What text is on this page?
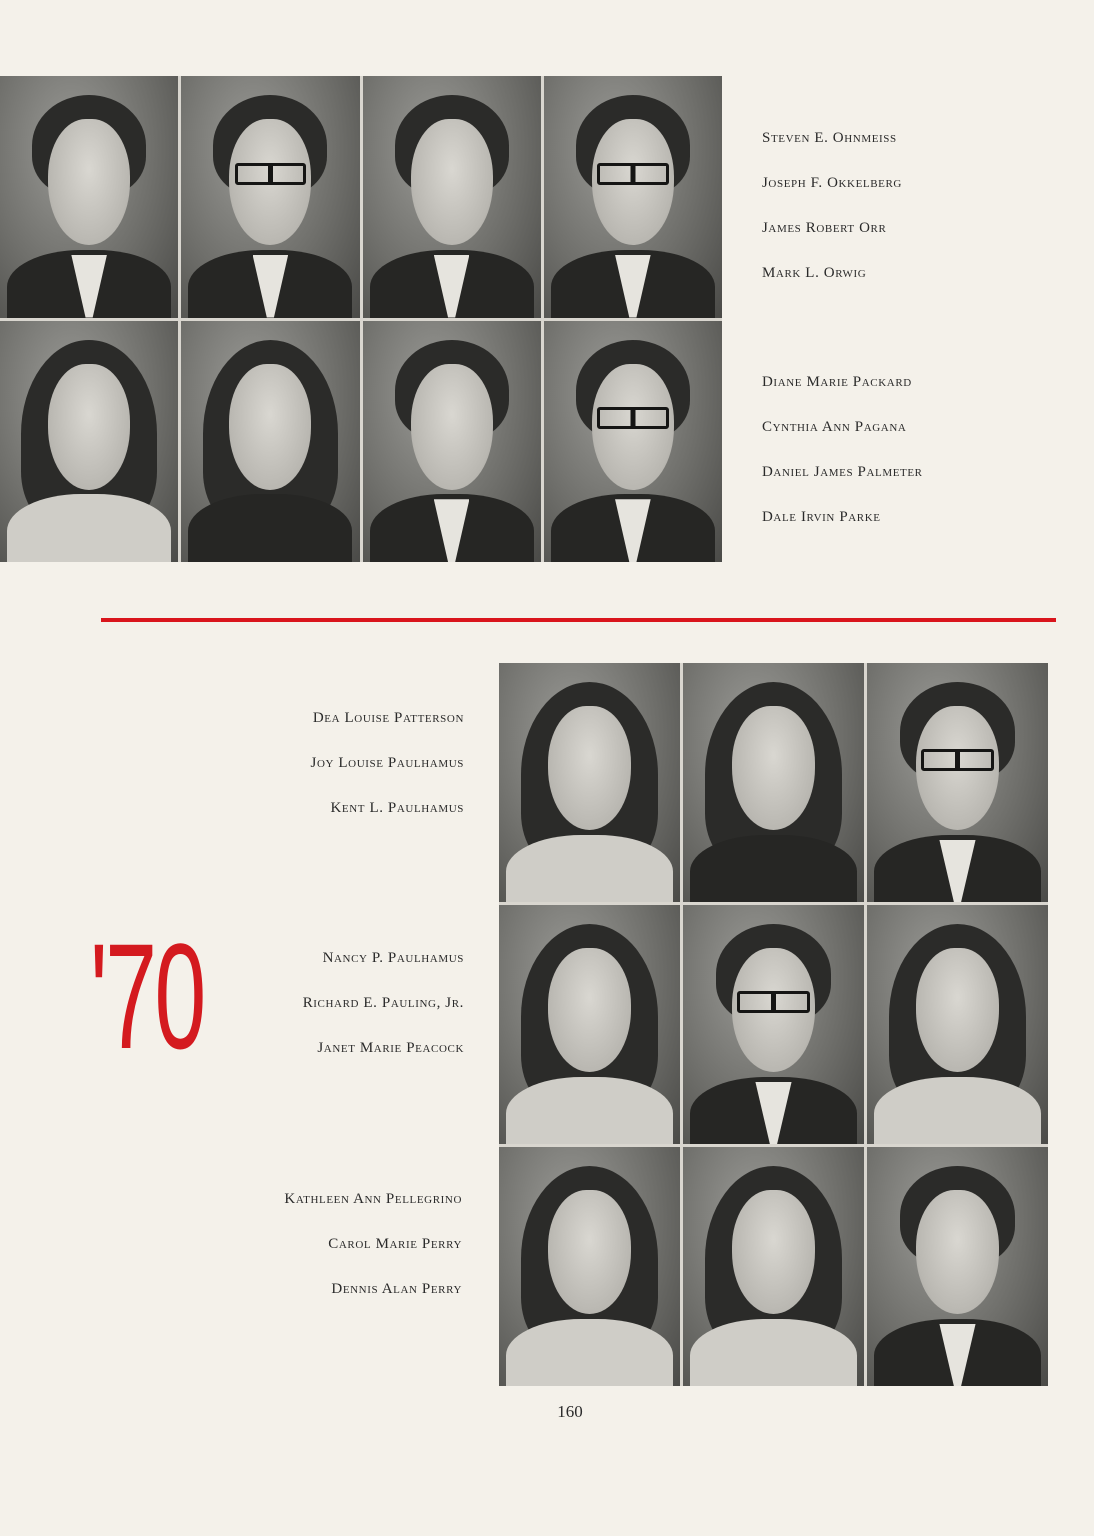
Steven E. Ohnmeiss
Joseph F. Okkelberg
James Robert Orr
Mark L. Orwig
Diane Marie Packard
Cynthia Ann Pagana
Daniel James Palmeter
Dale Irvin Parke
Dea Louise Patterson
Joy Louise Paulhamus
Kent L. Paulhamus
'70	Nancy P. Paulhamus
Richard E. Pauling, Jr.
Janet Marie Peacock
Kathleen Ann Pellegrino
Carol Marie Perry
Dennis Alan Perry
160
